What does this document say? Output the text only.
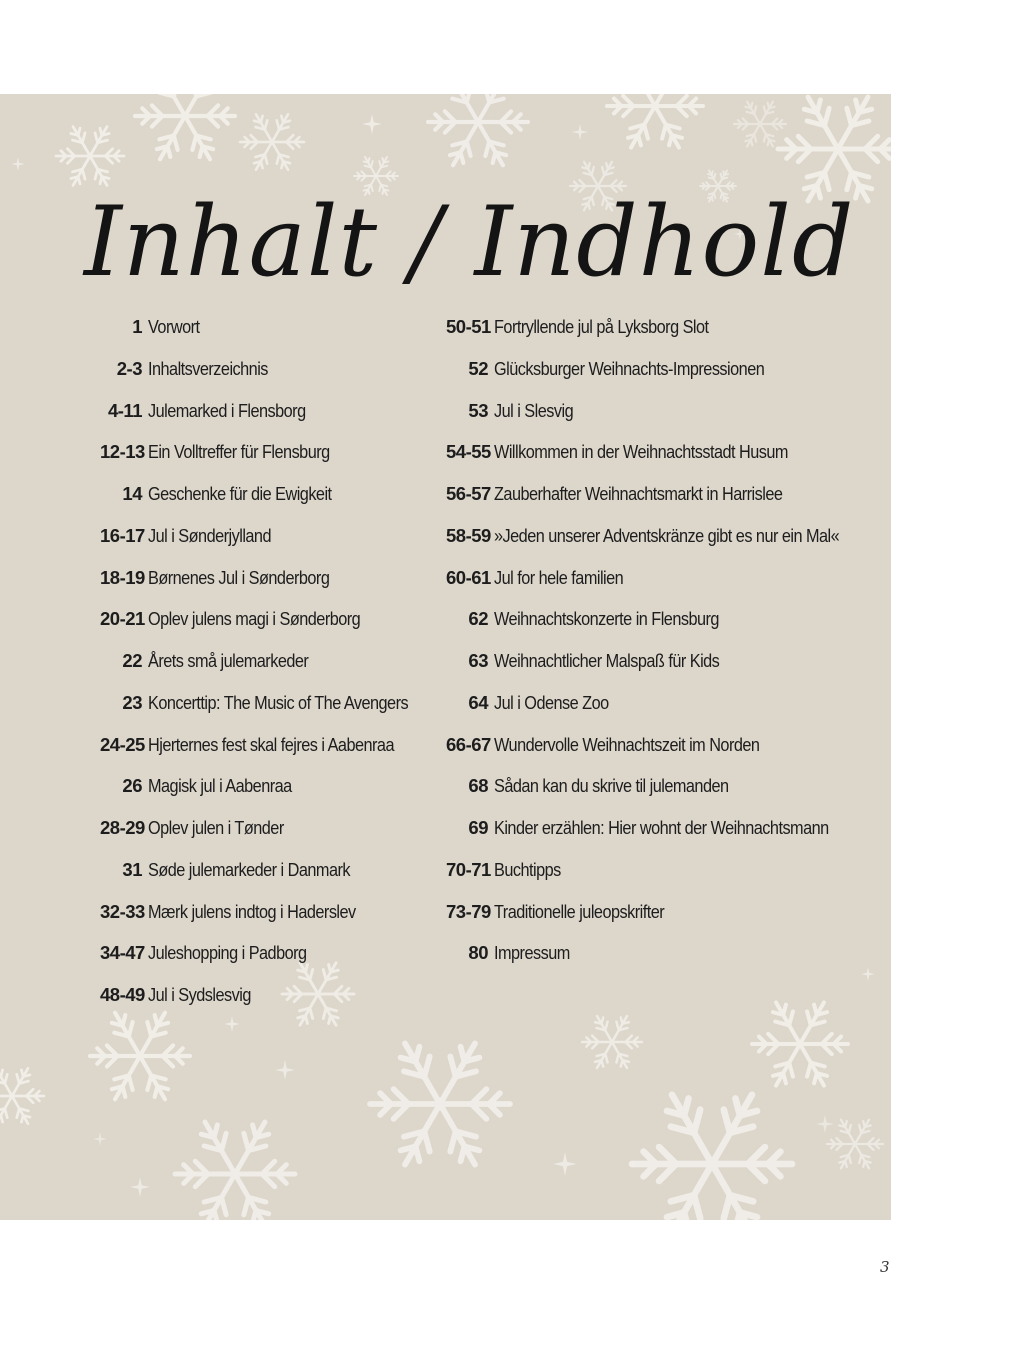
Inhalt / Indhold
1 Vorwort
2-3 Inhaltsverzeichnis
4-11 Julemarked i Flensborg
12-13 Ein Volltreffer für Flensburg
14 Geschenke für die Ewigkeit
16-17 Jul i Sønderjylland
18-19 Børnenes Jul i Sønderborg
20-21 Oplev julens magi i Sønderborg
22 Årets små julemarkeder
23 Koncerttip: The Music of The Avengers
24-25 Hjerternes fest skal fejres i Aabenraa
26 Magisk jul i Aabenraa
28-29 Oplev julen i Tønder
31 Søde julemarkeder i Danmark
32-33 Mærk julens indtog i Haderslev
34-47 Juleshopping i Padborg
48-49 Jul i Sydslesvig
50-51 Fortryllende jul på Lyksborg Slot
52 Glücksburger Weihnachts-Impressionen
53 Jul i Slesvig
54-55 Willkommen in der Weihnachtsstadt Husum
56-57 Zauberhafter Weihnachtsmarkt in Harrislee
58-59 »Jeden unserer Adventskränze gibt es nur ein Mal«
60-61 Jul for hele familien
62 Weihnachtskonzerte in Flensburg
63 Weihnachtlicher Malspaß für Kids
64 Jul i Odense Zoo
66-67 Wundervolle Weihnachtszeit im Norden
68 Sådan kan du skrive til julemanden
69 Kinder erzählen: Hier wohnt der Weihnachtsmann
70-71 Buchtipps
73-79 Traditionelle juleopskrifter
80 Impressum
3
